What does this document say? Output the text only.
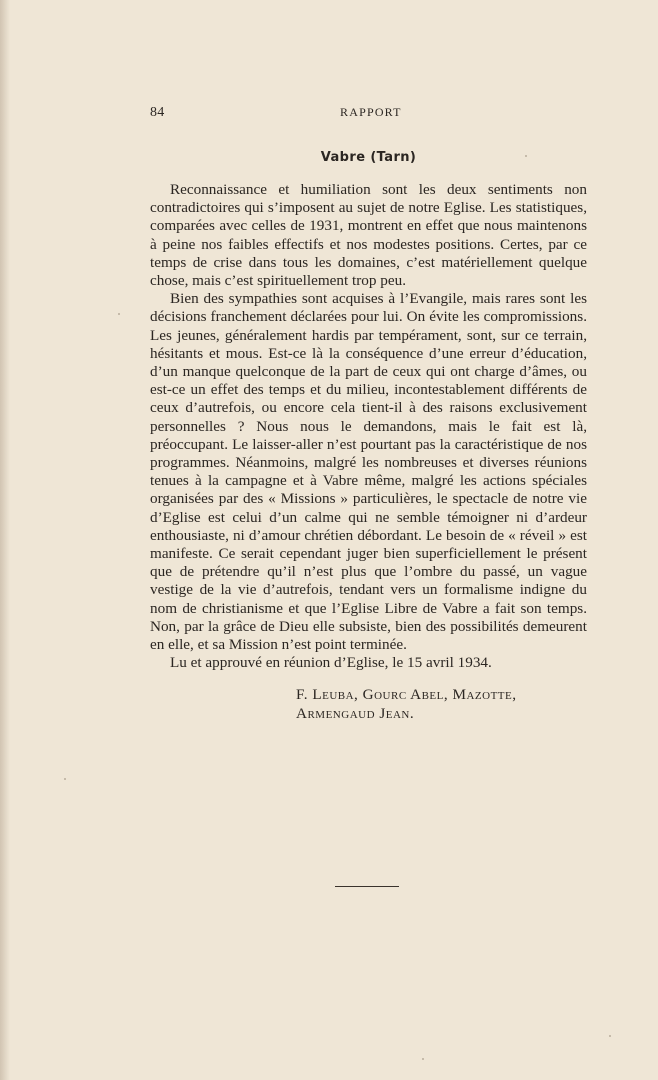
84	RAPPORT
Vabre (Tarn)

Reconnaissance et humiliation sont les deux sentiments non contradictoires qui s’imposent au sujet de notre Eglise. Les statistiques, comparées avec celles de 1931, montrent en effet que nous maintenons à peine nos faibles effectifs et nos modestes positions. Certes, par ce temps de crise dans tous les domaines, c’est matériellement quelque chose, mais c’est spirituellement trop peu.

Bien des sympathies sont acquises à l’Evangile, mais rares sont les décisions franchement déclarées pour lui. On évite les compromissions. Les jeunes, généralement hardis par tempérament, sont, sur ce terrain, hésitants et mous. Est-ce là la conséquence d’une erreur d’éducation, d’un manque quelconque de la part de ceux qui ont charge d’âmes, ou est-ce un effet des temps et du milieu, incontestablement différents de ceux d’autrefois, ou encore cela tient-il à des raisons exclusivement personnelles ? Nous nous le demandons, mais le fait est là, préoccupant. Le laisser-aller n’est pourtant pas la caractéristique de nos programmes. Néanmoins, malgré les nombreuses et diverses réunions tenues à la campagne et à Vabre même, malgré les actions spéciales organisées par des « Missions » particulières, le spectacle de notre vie d’Eglise est celui d’un calme qui ne semble témoigner ni d’ardeur enthousiaste, ni d’amour chrétien débordant. Le besoin de « réveil » est manifeste. Ce serait cependant juger bien superficiellement le présent que de prétendre qu’il n’est plus que l’ombre du passé, un vague vestige de la vie d’autrefois, tendant vers un formalisme indigne du nom de christianisme et que l’Eglise Libre de Vabre a fait son temps. Non, par la grâce de Dieu elle subsiste, bien des possibilités demeurent en elle, et sa Mission n’est point terminée.

Lu et approuvé en réunion d’Eglise, le 15 avril 1934.

F. Leuba, Gourc Abel, Mazotte,
Armengaud Jean.
